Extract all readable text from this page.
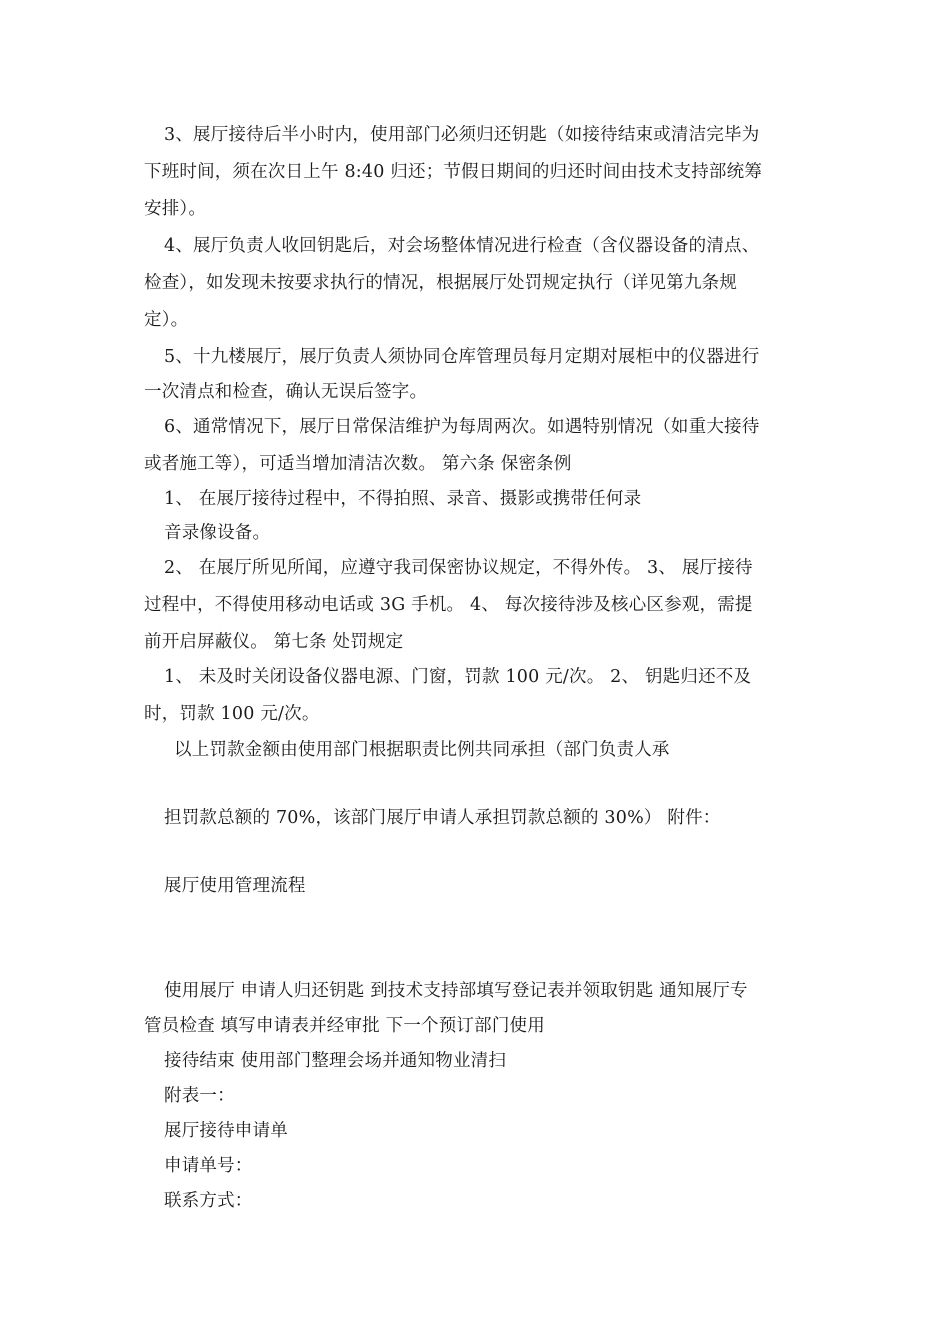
3、展厅接待后半小时内，使用部门必须归还钥匙（如接待结束或清洁完毕为
下班时间，须在次日上午 8:40 归还；节假日期间的归还时间由技术支持部统筹
安排）。
4、展厅负责人收回钥匙后，对会场整体情况进行检查（含仪器设备的清点、
检查），如发现未按要求执行的情况，根据展厅处罚规定执行（详见第九条规
定）。
5、十九楼展厅，展厅负责人须协同仓库管理员每月定期对展柜中的仪器进行
一次清点和检查，确认无误后签字。
6、通常情况下，展厅日常保洁维护为每周两次。如遇特别情况（如重大接待
或者施工等），可适当增加清洁次数。 第六条 保密条例
1、 在展厅接待过程中，不得拍照、录音、摄影或携带任何录
音录像设备。
2、 在展厅所见所闻，应遵守我司保密协议规定，不得外传。 3、 展厅接待
过程中，不得使用移动电话或 3G 手机。 4、 每次接待涉及核心区参观，需提
前开启屏蔽仪。 第七条 处罚规定
1、 未及时关闭设备仪器电源、门窗，罚款 100 元/次。 2、 钥匙归还不及
时，罚款 100 元/次。
以上罚款金额由使用部门根据职责比例共同承担（部门负责人承
担罚款总额的 70%，该部门展厅申请人承担罚款总额的 30%） 附件：
展厅使用管理流程
使用展厅 申请人归还钥匙 到技术支持部填写登记表并领取钥匙 通知展厅专
管员检查 填写申请表并经审批 下一个预订部门使用
接待结束 使用部门整理会场并通知物业清扫
附表一：
展厅接待申请单
申请单号：
联系方式：
